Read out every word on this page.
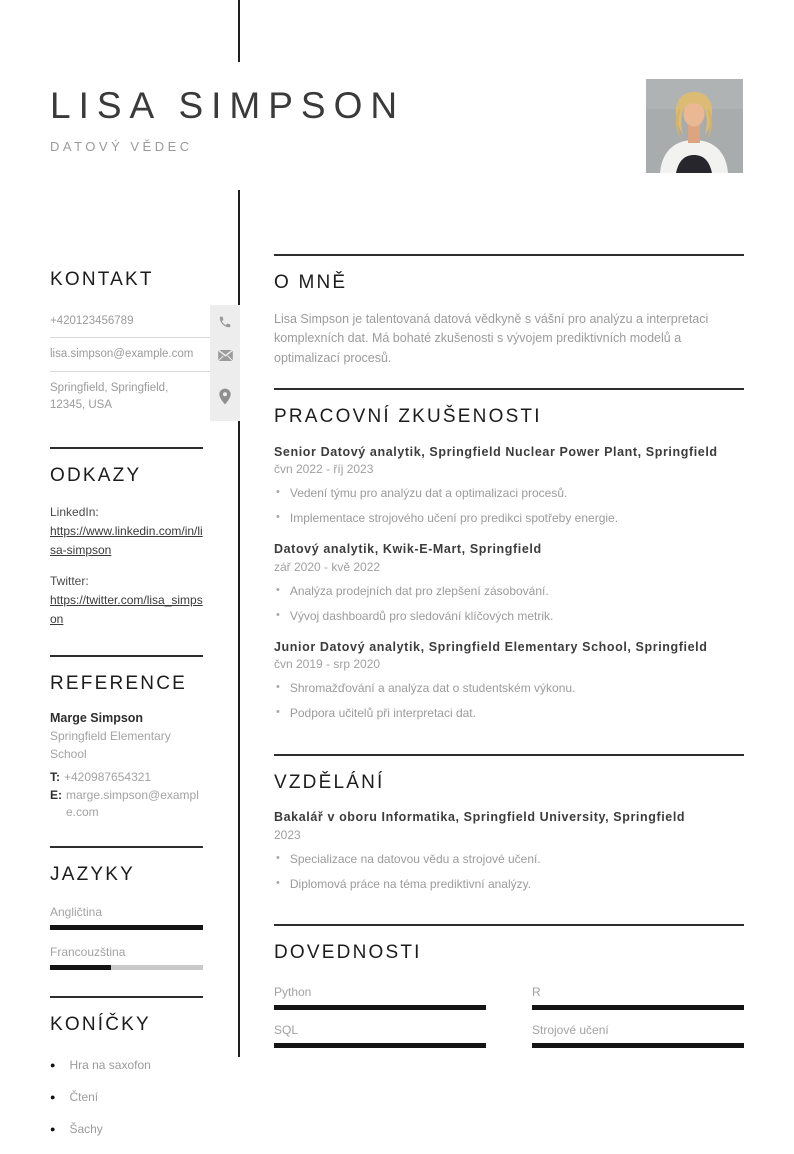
LISA SIMPSON
DATOVÝ VĚDEC
KONTAKT
+420123456789
lisa.simpson@example.com
Springfield, Springfield, 12345, USA
ODKAZY
LinkedIn:
https://www.linkedin.com/in/lisa-simpson
Twitter:
https://twitter.com/lisa_simpson
REFERENCE
Marge Simpson
Springfield Elementary School
T: +420987654321
E: marge.simpson@example.com
JAZYKY
Angličtina
Francouzština
KONÍČKY
● Hra na saxofon
● Čtení
● Šachy
O MNĚ

Lisa Simpson je talentovaná datová vědkyně s vášní pro analýzu a interpretaci komplexních dat. Má bohaté zkušenosti s vývojem prediktivních modelů a optimalizací procesů.

PRACOVNÍ ZKUŠENOSTI
Senior Datový analytik, Springfield Nuclear Power Plant, Springfield
čvn 2022 - říj 2023
• Vedení týmu pro analýzu dat a optimalizaci procesů.
• Implementace strojového učení pro predikci spotřeby energie.
Datový analytik, Kwik-E-Mart, Springfield
zář 2020 - kvě 2022
• Analýza prodejních dat pro zlepšení zásobování.
• Vývoj dashboardů pro sledování klíčových metrik.
Junior Datový analytik, Springfield Elementary School, Springfield
čvn 2019 - srp 2020
• Shromažďování a analýza dat o studentském výkonu.
• Podpora učitelů při interpretaci dat.
VZDĚLÁNÍ
Bakalář v oboru Informatika, Springfield University, Springfield
2023
• Specializace na datovou vědu a strojové učení.
• Diplomová práce na téma prediktivní analýzy.
DOVEDNOSTI
Python	R
SQL	Strojové učení
